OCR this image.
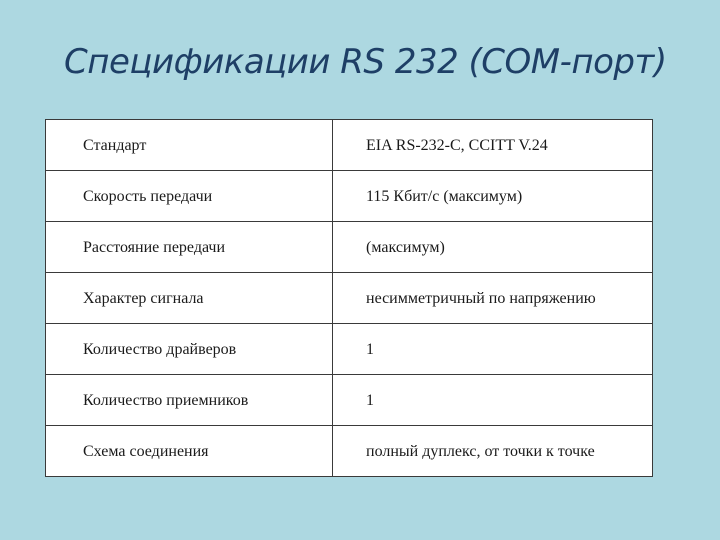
Спецификации RS 232 (COM‑порт)
Стандарт	EIA RS-232-C, CCITT V.24
Скорость передачи	115 Кбит/с (максимум)
Расстояние передачи	(максимум)
Характер сигнала	несимметричный по напряжению
Количество драйверов	1
Количество приемников	1
Схема соединения	полный дуплекс, от точки к точке
